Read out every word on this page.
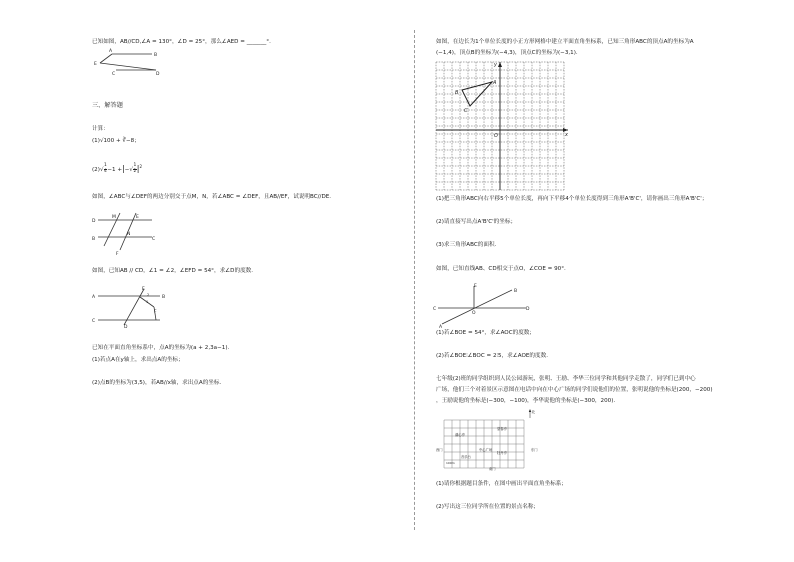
已知如图，AB//CD,∠A = 130°，∠D = 25°，那么∠AED = _______°.
E
A
B
C	D
三、解答题
计算：
(1)√100 + ∛−8；
$(2)√ \frac{1}{4} -1$ +|−√ $\frac{1}{2} |^2$
如图，∠ABC与∠DEF的两边分别交于点M，N，若∠ABC = ∠DEF，且AB//EF，试说明BC//DE.
D
M	E
N
B	C
F
如图，已知AB // CD，∠1 = ∠2，∠EFD = 54°，求∠D的度数.
A
E
B
C
D
F
1
2
已知在平面直角坐标系中，点A的坐标为(a + 2,3a−1).
(1)若点A在y轴上，求出点A的坐标；
(2)点B的坐标为(3,5)，若AB//x轴，求出点A的坐标.
如图，在边长为1个单位长度的小正方形网格中建立平面直角坐标系，已知三角形ABC的顶点A的坐标为A
(−1,4)，顶点B的坐标为(−4,3)，顶点C的坐标为(−3,1).
y
x
O
A
B
C
(1)把三角形ABC向右平移5个单位长度，再向下平移4个单位长度得到三角形A'B'C'，请你画出三角形A'B'C'；
(2)请直接写出点A'B'C'的坐标；
(3)求三角形ABC的面积.
如图，已知直线AB、CD相交于点O，∠COE = 90°.
E
B
C
O
D
A
(1)若∠BOE = 54°，求∠AOC的度数；
(2)若∠BOE∶∠BOC = 2∶5，求∠AOE的度数.
七年级(2)班的同学组织到人民公园游玩，张明、王励、李华三位同学和其他同学走散了，同学们已到中心
广场，他们三个对着景区示意图在电话中向在中心广场的同学们说他们的位置，张明说他的坐标是(200，−200)
，王励说他的坐标是(−300，−100)，李华说他的坐标是(−300，200).
北
湖心亭
望春亭
音乐台
中心广场
牡丹亭
西门	东门
南门
100m
(1)请你根据题目条件，在图中画出平面直角坐标系；
(2)写出这三位同学所在位置的景点名称；
